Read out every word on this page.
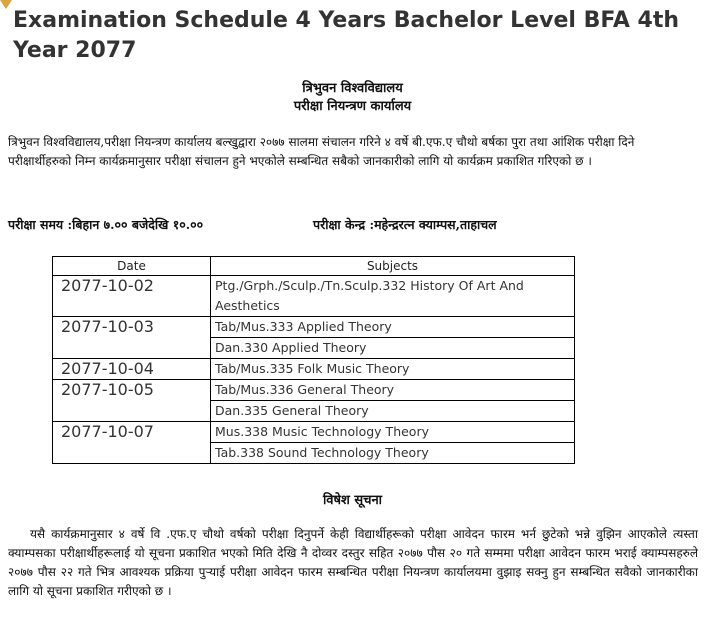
Examination Schedule 4 Years Bachelor Level BFA 4th Year 2077
त्रिभुवन विश्वविद्यालय
परीक्षा नियन्त्रण कार्यालय

त्रिभुवन विश्वविद्यालय,परीक्षा नियन्त्रण कार्यालय बल्खुद्वारा २०७७ सालमा संचालन गरिने ४ वर्षे बी.एफ.ए चौथो बर्षका पुरा तथा आंशिक परीक्षा दिने परीक्षार्थीहरुको निम्न कार्यक्रमानुसार परीक्षा संचालन हुने भएकोले सम्बन्धित सबैको जानकारीको लागि यो कार्यक्रम प्रकाशित गरिएको छ ।

परीक्षा समय :बिहान ७.०० बजेदेखि १०.००	परीक्षा केन्द्र :महेन्द्ररत्न क्याम्पस,ताहाचल
Date	Subjects
2077-10-02	Ptg./Grph./Sculp./Tn.Sculp.332 History Of Art And Aesthetics
2077-10-03	Tab/Mus.333 Applied Theory
	Dan.330 Applied Theory
2077-10-04	Tab/Mus.335 Folk Music Theory
2077-10-05	Tab/Mus.336 General Theory
	Dan.335 General Theory
2077-10-07	Mus.338 Music Technology Theory
	Tab.338 Sound Technology Theory
विषेश सूचना

यसै कार्यक्रमानुसार ४ वर्षे वि .एफ.ए चौथो वर्षको परीक्षा दिनुपर्ने केही विद्यार्थीहरूको परीक्षा आवेदन फारम भर्न छुटेको भन्ने वुझिन आएकोले त्यस्ता क्याम्पसका परीक्षार्थीहरूलाई यो सूचना प्रकाशित भएको मिति देखि नै दोव्वर दस्तुर सहित २०७७ पौस २० गते सम्ममा परीक्षा आवेदन फारम भराई क्याम्पसहरुले २०७७ पौस २२ गते भित्र आवश्यक प्रक्रिया पुर्‍याई परीक्षा आवेदन फारम सम्बन्धित परीक्षा नियन्त्रण कार्यालयमा वुझाइ सक्नु हुन सम्बन्धित सवैको जानकारीका लागि यो सूचना प्रकाशित गरीएको छ ।
